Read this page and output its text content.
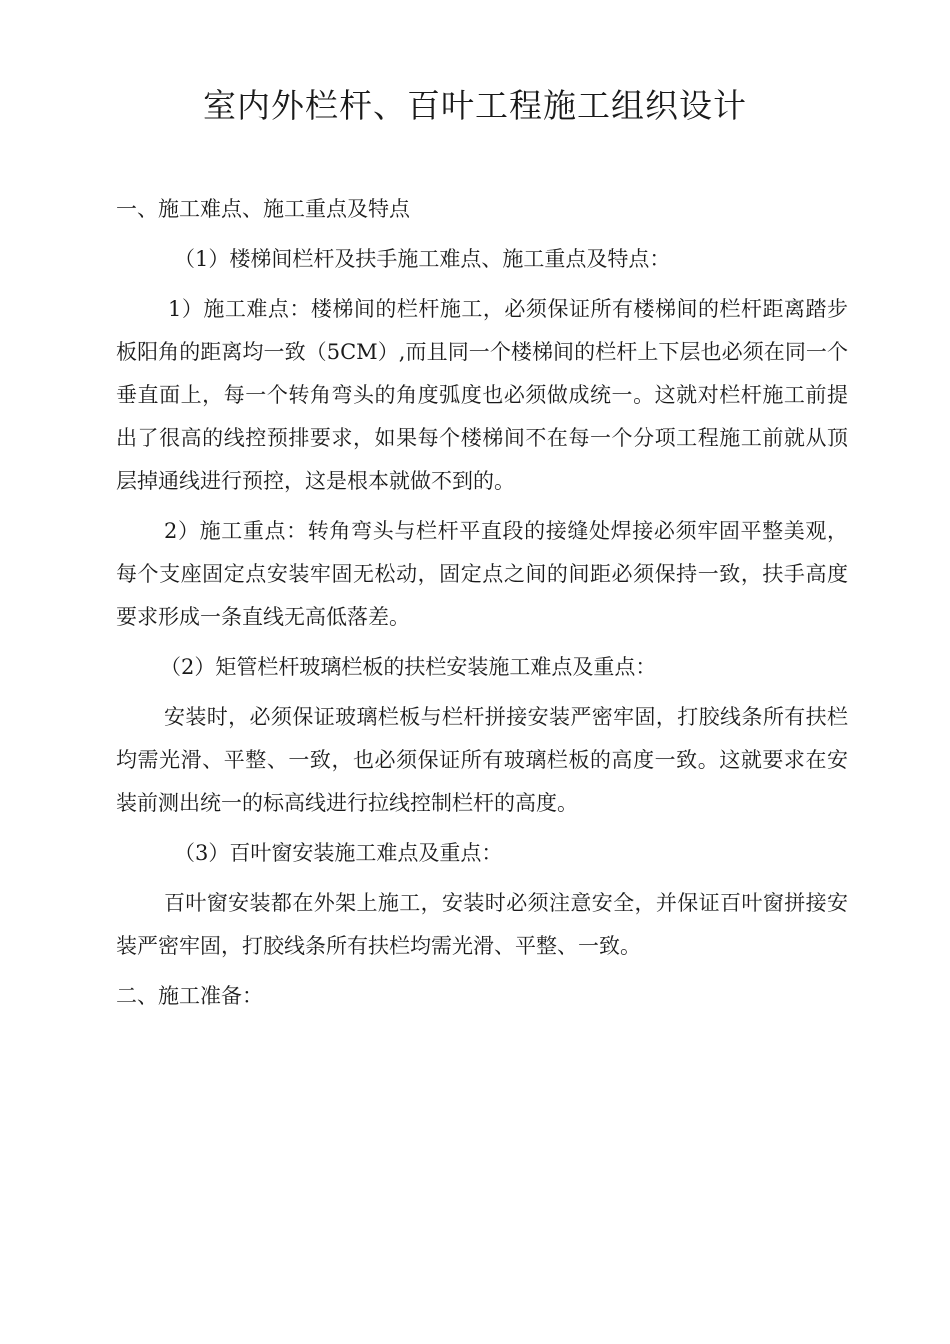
室内外栏杆、百叶工程施工组织设计

一、施工难点、施工重点及特点

（1）楼梯间栏杆及扶手施工难点、施工重点及特点：

1）施工难点：楼梯间的栏杆施工，必须保证所有楼梯间的栏杆距离踏步板阳角的距离均一致（5CM）,而且同一个楼梯间的栏杆上下层也必须在同一个垂直面上，每一个转角弯头的角度弧度也必须做成统一。这就对栏杆施工前提出了很高的线控预排要求，如果每个楼梯间不在每一个分项工程施工前就从顶层掉通线进行预控，这是根本就做不到的。

2）施工重点：转角弯头与栏杆平直段的接缝处焊接必须牢固平整美观，每个支座固定点安装牢固无松动，固定点之间的间距必须保持一致，扶手高度要求形成一条直线无高低落差。

（2）矩管栏杆玻璃栏板的扶栏安装施工难点及重点：

安装时，必须保证玻璃栏板与栏杆拼接安装严密牢固，打胶线条所有扶栏均需光滑、平整、一致，也必须保证所有玻璃栏板的高度一致。这就要求在安装前测出统一的标高线进行拉线控制栏杆的高度。

（3）百叶窗安装施工难点及重点：

百叶窗安装都在外架上施工，安装时必须注意安全，并保证百叶窗拼接安装严密牢固，打胶线条所有扶栏均需光滑、平整、一致。

二、施工准备：
